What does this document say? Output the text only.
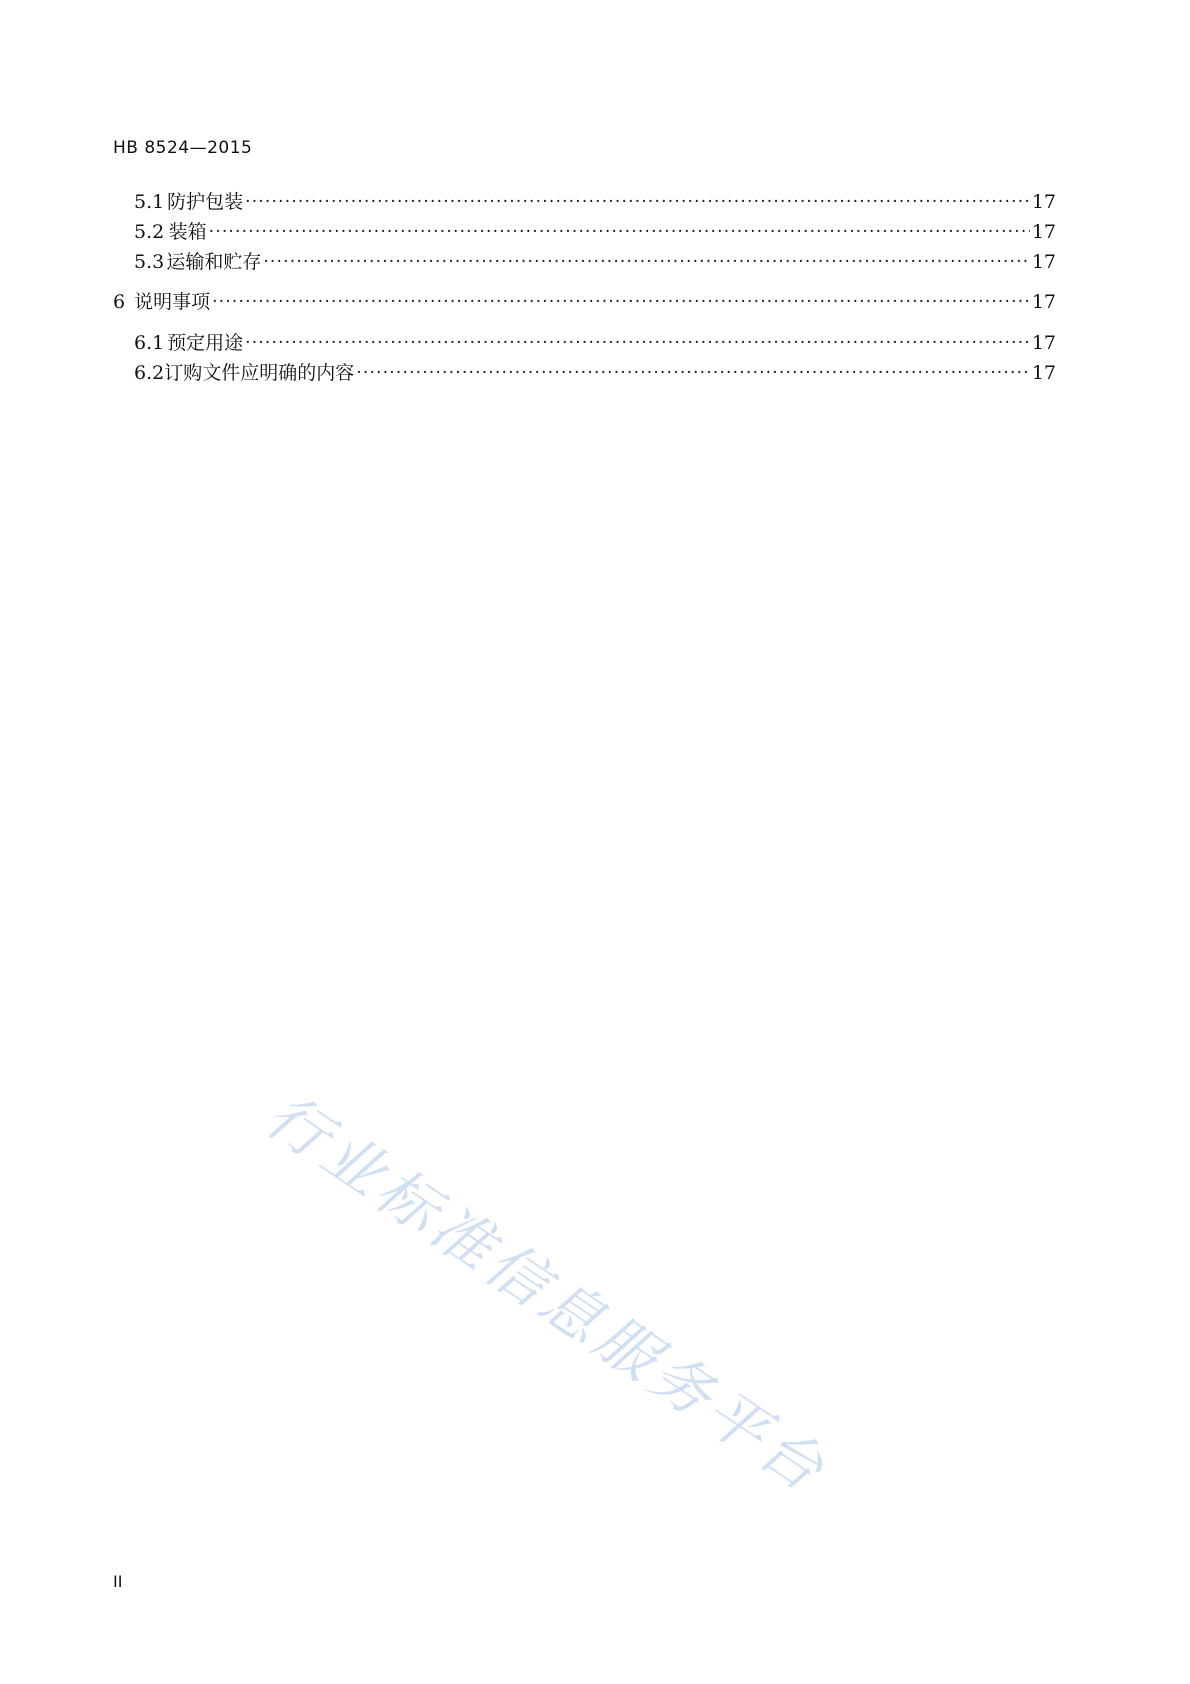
HB 8524—2015
5.1 防护包装 ·····	17
5.2 装箱 ·····	17
5.3 运输和贮存 ·····	17
6 说明事项 ·····	17
6.1 预定用途 ·····	17
6.2 订购文件应明确的内容 ·····	17
行业标准信息服务平台
II
